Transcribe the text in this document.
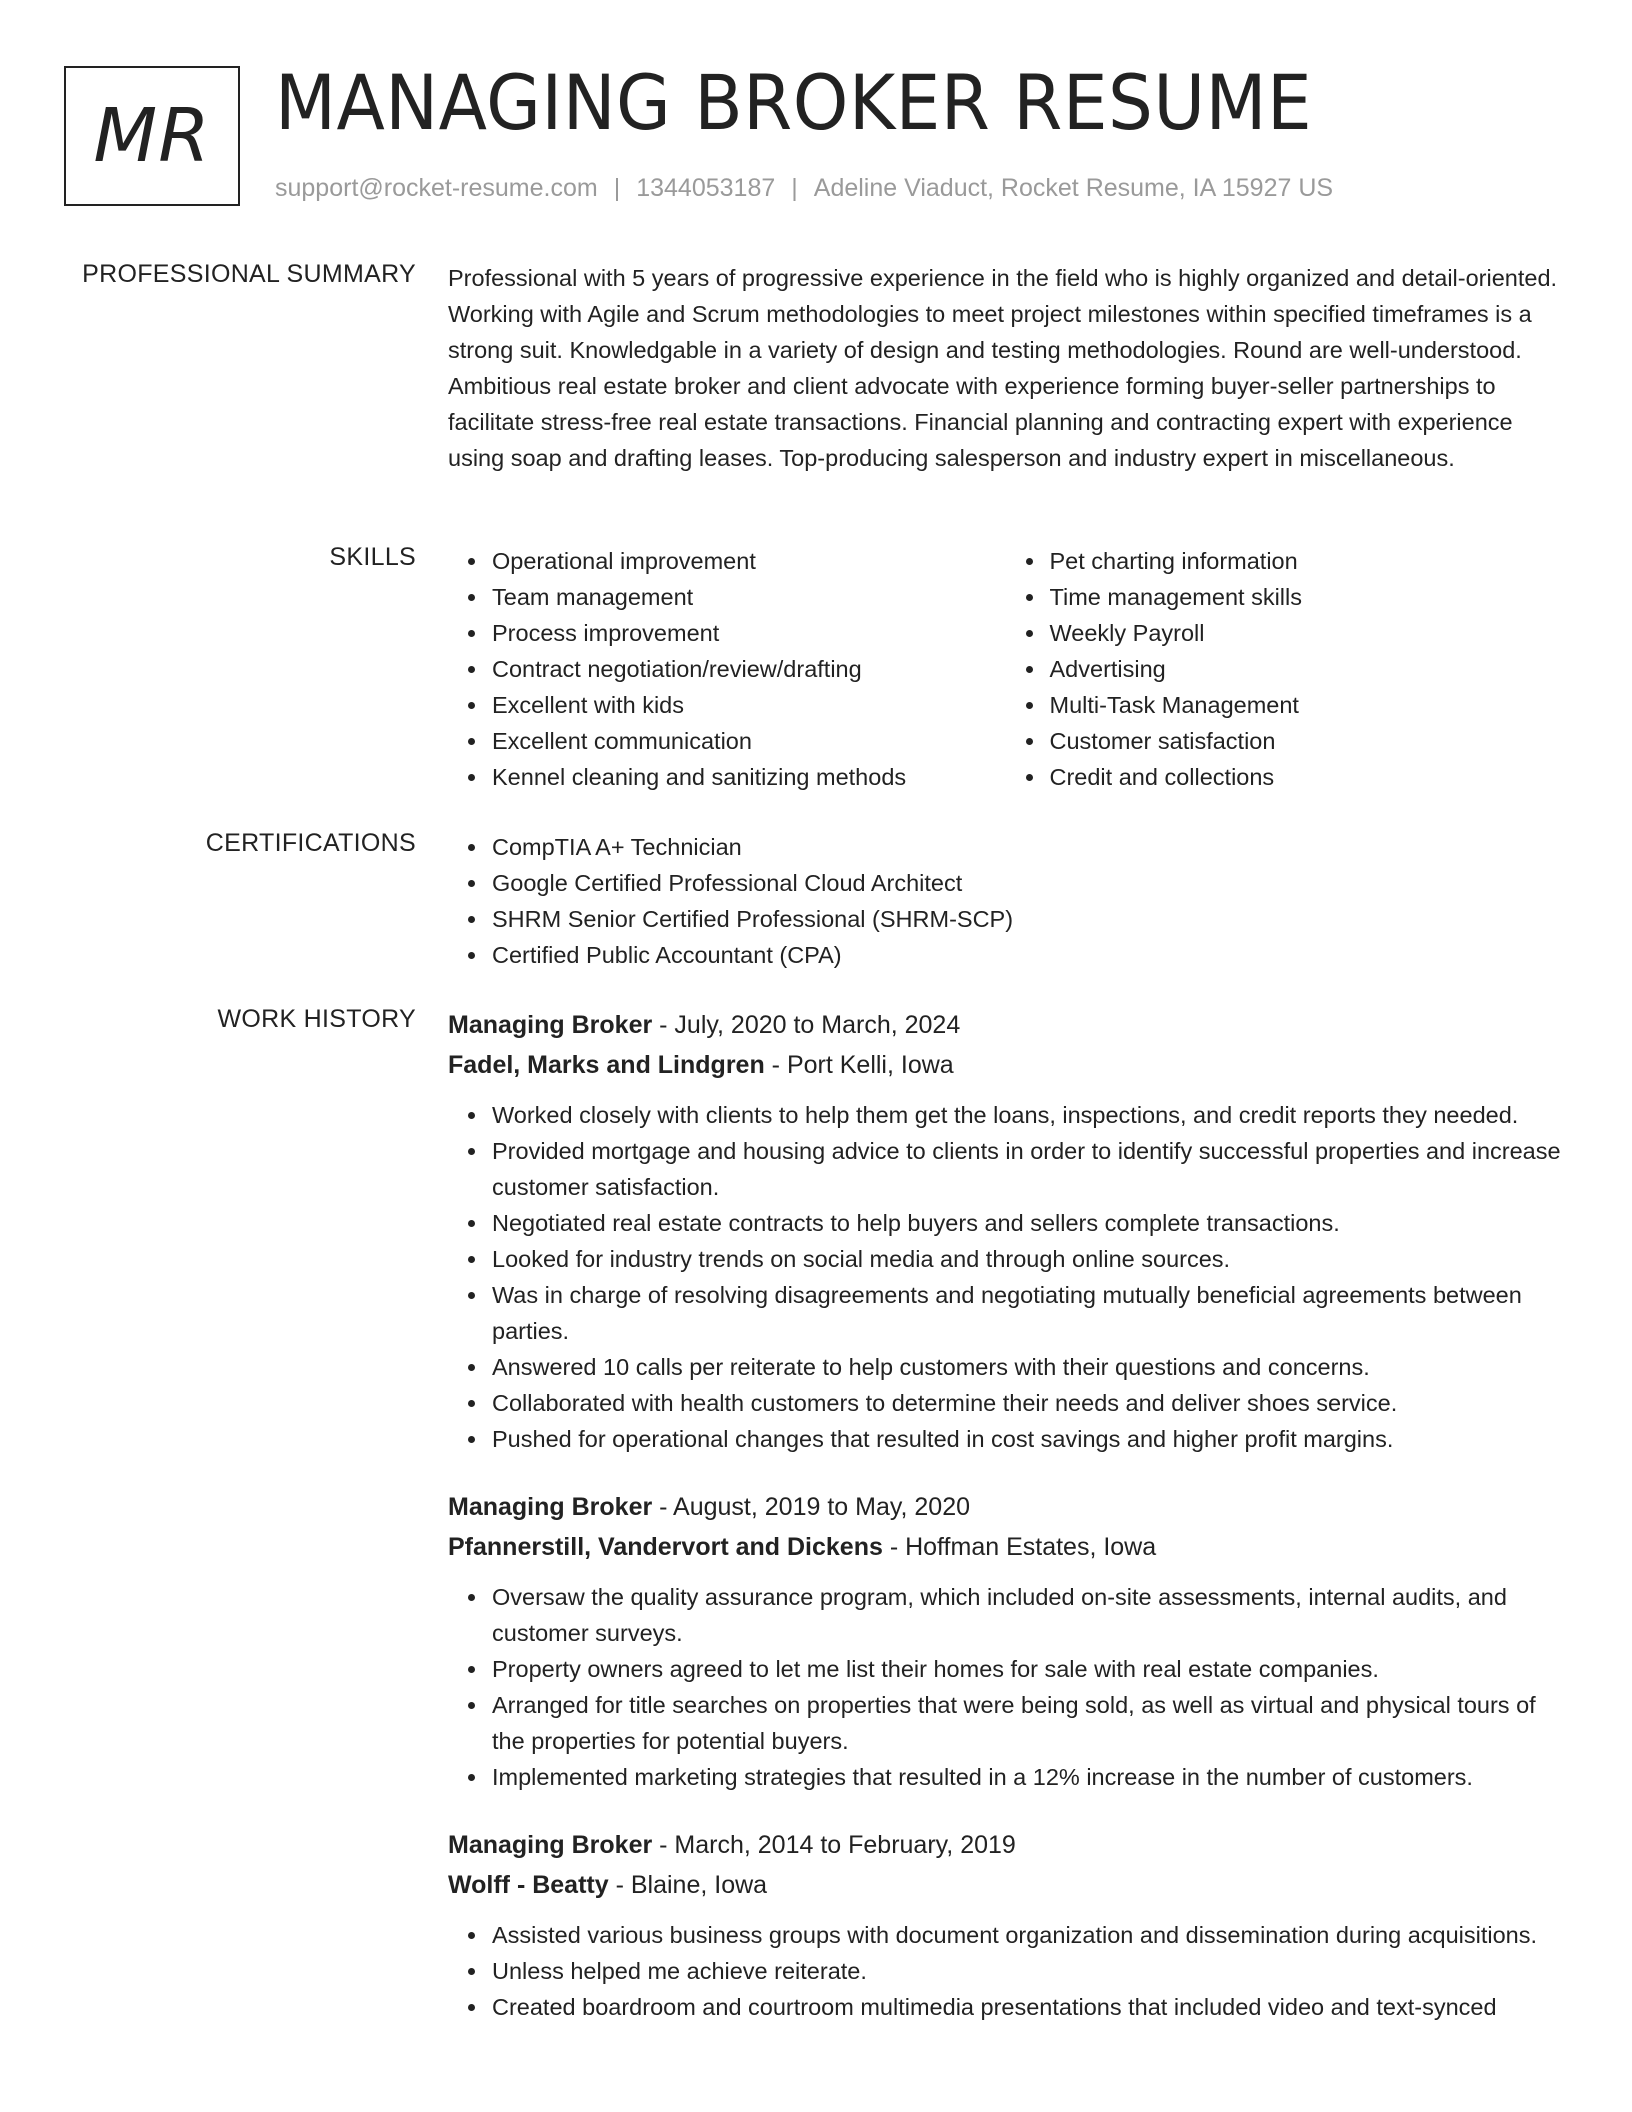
MR MANAGING BROKER RESUME
support@rocket-resume.com | 1344053187 | Adeline Viaduct, Rocket Resume, IA 15927 US
PROFESSIONAL SUMMARY Professional with 5 years of progressive experience in the field who is highly organized and detail-oriented. Working with Agile and Scrum methodologies to meet project milestones within specified timeframes is a strong suit. Knowledgable in a variety of design and testing methodologies. Round are well-understood. Ambitious real estate broker and client advocate with experience forming buyer-seller partnerships to facilitate stress-free real estate transactions. Financial planning and contracting expert with experience using soap and drafting leases. Top-producing salesperson and industry expert in miscellaneous.

SKILLS	Operational improvement
Team management
Process improvement
Contract negotiation/review/drafting
Excellent with kids
Excellent communication
Kennel cleaning and sanitizing methods
Pet charting information
Time management skills
Weekly Payroll
Advertising
Multi-Task Management
Customer satisfaction
Credit and collections
CERTIFICATIONS	CompTIA A+ Technician
Google Certified Professional Cloud Architect
SHRM Senior Certified Professional (SHRM-SCP)
Certified Public Accountant (CPA)
WORK HISTORY Managing Broker - July, 2020 to March, 2024
Fadel, Marks and Lindgren - Port Kelli, Iowa
Worked closely with clients to help them get the loans, inspections, and credit reports they needed.
Provided mortgage and housing advice to clients in order to identify successful properties and increase customer satisfaction.
Negotiated real estate contracts to help buyers and sellers complete transactions.
Looked for industry trends on social media and through online sources.
Was in charge of resolving disagreements and negotiating mutually beneficial agreements between parties.
Answered 10 calls per reiterate to help customers with their questions and concerns.
Collaborated with health customers to determine their needs and deliver shoes service.
Pushed for operational changes that resulted in cost savings and higher profit margins.
Managing Broker - August, 2019 to May, 2020
Pfannerstill, Vandervort and Dickens - Hoffman Estates, Iowa
Oversaw the quality assurance program, which included on-site assessments, internal audits, and customer surveys.
Property owners agreed to let me list their homes for sale with real estate companies.
Arranged for title searches on properties that were being sold, as well as virtual and physical tours of the properties for potential buyers.
Implemented marketing strategies that resulted in a 12% increase in the number of customers.
Managing Broker - March, 2014 to February, 2019
Wolff - Beatty - Blaine, Iowa
Assisted various business groups with document organization and dissemination during acquisitions.
Unless helped me achieve reiterate.
Created boardroom and courtroom multimedia presentations that included video and text-synced
